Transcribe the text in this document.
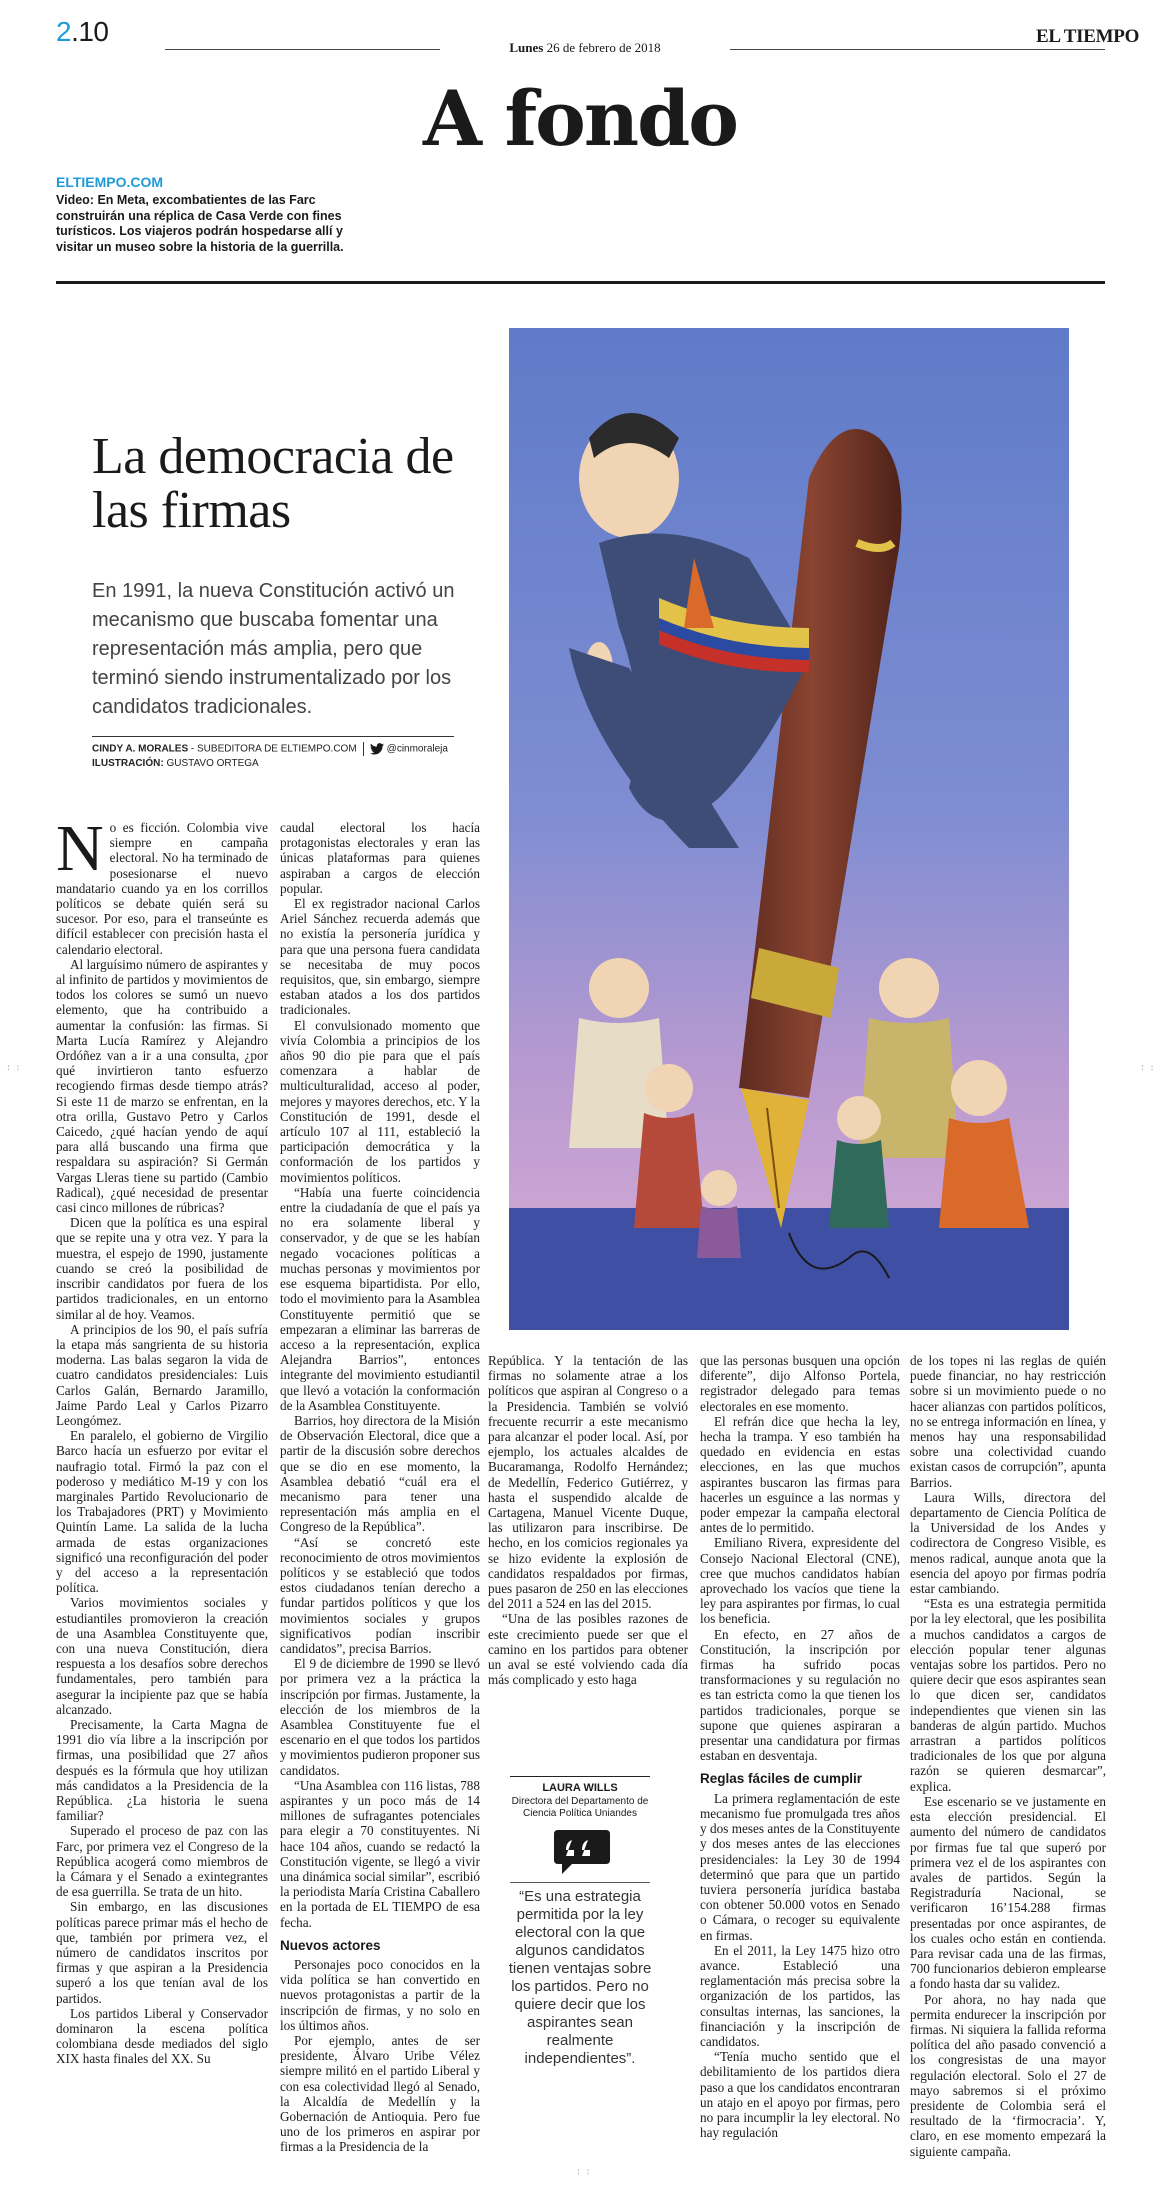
2.10
Lunes 26 de febrero de 2018
EL TIEMPO
A fondo
ELTIEMPO.COM
Video: En Meta, excombatientes de las Farc construirán una réplica de Casa Verde con fines turísticos. Los viajeros podrán hospedarse allí y visitar un museo sobre la historia de la guerrilla.
La democracia de las firmas
En 1991, la nueva Constitución activó un mecanismo que buscaba fomentar una representación más amplia, pero que terminó siendo instrumentalizado por los candidatos tradicionales.
CINDY A. MORALES - SUBEDITORA DE ELTIEMPO.COM	@cinmoraleja
ILUSTRACIÓN: GUSTAVO ORTEGA

No es ficción. Colombia vive siempre en campaña electoral. No ha terminado de posesionarse el nuevo mandatario cuando ya en los corrillos políticos se debate quién será su sucesor. Por eso, para el transeúnte es difícil establecer con precisión hasta el calendario electoral.

Al larguísimo número de aspirantes y al infinito de partidos y movimientos de todos los colores se sumó un nuevo elemento, que ha contribuido a aumentar la confusión: las firmas. Si Marta Lucía Ramírez y Alejandro Ordóñez van a ir a una consulta, ¿por qué invirtieron tanto esfuerzo recogiendo firmas desde tiempo atrás? Si este 11 de marzo se enfrentan, en la otra orilla, Gustavo Petro y Carlos Caicedo, ¿qué hacían yendo de aquí para allá buscando una firma que respaldara su aspiración? Si Germán Vargas Lleras tiene su partido (Cambio Radical), ¿qué necesidad de presentar casi cinco millones de rúbricas?

Dicen que la política es una espiral que se repite una y otra vez. Y para la muestra, el espejo de 1990, justamente cuando se creó la posibilidad de inscribir candidatos por fuera de los partidos tradicionales, en un entorno similar al de hoy. Veamos.

A principios de los 90, el país sufría la etapa más sangrienta de su historia moderna. Las balas segaron la vida de cuatro candidatos presidenciales: Luis Carlos Galán, Bernardo Jaramillo, Jaime Pardo Leal y Carlos Pizarro Leongómez.

En paralelo, el gobierno de Virgilio Barco hacía un esfuerzo por evitar el naufragio total. Firmó la paz con el poderoso y mediático M-19 y con los marginales Partido Revolucionario de los Trabajadores (PRT) y Movimiento Quintín Lame. La salida de la lucha armada de estas organizaciones significó una reconfiguración del poder y del acceso a la representación política.

Varios movimientos sociales y estudiantiles promovieron la creación de una Asamblea Constituyente que, con una nueva Constitución, diera respuesta a los desafíos sobre derechos fundamentales, pero también para asegurar la incipiente paz que se había alcanzado.

Precisamente, la Carta Magna de 1991 dio vía libre a la inscripción por firmas, una posibilidad que 27 años después es la fórmula que hoy utilizan más candidatos a la Presidencia de la República. ¿La historia le suena familiar?

Superado el proceso de paz con las Farc, por primera vez el Congreso de la República acogerá como miembros de la Cámara y el Senado a exintegrantes de esa guerrilla. Se trata de un hito.

Sin embargo, en las discusiones políticas parece primar más el hecho de que, también por primera vez, el número de candidatos inscritos por firmas y que aspiran a la Presidencia superó a los que tenían aval de los partidos.

Los partidos Liberal y Conservador dominaron la escena política colombiana desde mediados del siglo XIX hasta finales del XX. Su

caudal electoral los hacía protagonistas electorales y eran las únicas plataformas para quienes aspiraban a cargos de elección popular.

El ex registrador nacional Carlos Ariel Sánchez recuerda además que no existía la personería jurídica y para que una persona fuera candidata se necesitaba de muy pocos requisitos, que, sin embargo, siempre estaban atados a los dos partidos tradicionales.

El convulsionado momento que vivía Colombia a principios de los años 90 dio pie para que el país comenzara a hablar de multiculturalidad, acceso al poder, mejores y mayores derechos, etc. Y la Constitución de 1991, desde el artículo 107 al 111, estableció la participación democrática y la conformación de los partidos y movimientos políticos.

“Había una fuerte coincidencia entre la ciudadanía de que el país ya no era solamente liberal y conservador, y de que se les habían negado vocaciones políticas a muchas personas y movimientos por ese esquema bipartidista. Por ello, todo el movimiento para la Asamblea Constituyente permitió que se empezaran a eliminar las barreras de acceso a la representación, explica Alejandra Barrios”, entonces integrante del movimiento estudiantil que llevó a votación la conformación de la Asamblea Constituyente.

Barrios, hoy directora de la Misión de Observación Electoral, dice que a partir de la discusión sobre derechos que se dio en ese momento, la Asamblea debatió “cuál era el mecanismo para tener una representación más amplia en el Congreso de la República”.

“Así se concretó este reconocimiento de otros movimientos políticos y se estableció que todos estos ciudadanos tenían derecho a fundar partidos políticos y que los movimientos sociales y grupos significativos podían inscribir candidatos”, precisa Barrios.

El 9 de diciembre de 1990 se llevó por primera vez a la práctica la inscripción por firmas. Justamente, la elección de los miembros de la Asamblea Constituyente fue el escenario en el que todos los partidos y movimientos pudieron proponer sus candidatos.

“Una Asamblea con 116 listas, 788 aspirantes y un poco más de 14 millones de sufragantes potenciales para elegir a 70 constituyentes. Ni hace 104 años, cuando se redactó la Constitución vigente, se llegó a vivir una dinámica social similar”, escribió la periodista María Cristina Caballero en la portada de EL TIEMPO de esa fecha.

Nuevos actores

Personajes poco conocidos en la vida política se han convertido en nuevos protagonistas a partir de la inscripción de firmas, y no solo en los últimos años.

Por ejemplo, antes de ser presidente, Álvaro Uribe Vélez siempre militó en el partido Liberal y con esa colectividad llegó al Senado, la Alcaldía de Medellín y la Gobernación de Antioquia. Pero fue uno de los primeros en aspirar por firmas a la Presidencia de la

República. Y la tentación de las firmas no solamente atrae a los políticos que aspiran al Congreso o a la Presidencia. También se volvió frecuente recurrir a este mecanismo para alcanzar el poder local. Así, por ejemplo, los actuales alcaldes de Bucaramanga, Rodolfo Hernández; de Medellín, Federico Gutiérrez, y hasta el suspendido alcalde de Cartagena, Manuel Vicente Duque, las utilizaron para inscribirse. De hecho, en los comicios regionales ya se hizo evidente la explosión de candidatos respaldados por firmas, pues pasaron de 250 en las elecciones del 2011 a 524 en las del 2015.

“Una de las posibles razones de este crecimiento puede ser que el camino en los partidos para obtener un aval se esté volviendo cada día más complicado y esto haga

LAURA WILLS
Directora del Departamento de Ciencia Política Uniandes
“Es una estrategia permitida por la ley electoral con la que algunos candidatos tienen ventajas sobre los partidos. Pero no quiere decir que los aspirantes sean realmente independientes”.

que las personas busquen una opción diferente”, dijo Alfonso Portela, registrador delegado para temas electorales en ese momento.

El refrán dice que hecha la ley, hecha la trampa. Y eso también ha quedado en evidencia en estas elecciones, en las que muchos aspirantes buscaron las firmas para hacerles un esguince a las normas y poder empezar la campaña electoral antes de lo permitido.

Emiliano Rivera, expresidente del Consejo Nacional Electoral (CNE), cree que muchos candidatos habían aprovechado los vacíos que tiene la ley para aspirantes por firmas, lo cual los beneficia.

En efecto, en 27 años de Constitución, la inscripción por firmas ha sufrido pocas transformaciones y su regulación no es tan estricta como la que tienen los partidos tradicionales, porque se supone que quienes aspiraran a presentar una candidatura por firmas estaban en desventaja.

Reglas fáciles de cumplir

La primera reglamentación de este mecanismo fue promulgada tres años y dos meses antes de la Constituyente y dos meses antes de las elecciones presidenciales: la Ley 30 de 1994 determinó que para que un partido tuviera personería jurídica bastaba con obtener 50.000 votos en Senado o Cámara, o recoger su equivalente en firmas.

En el 2011, la Ley 1475 hizo otro avance. Estableció una reglamentación más precisa sobre la organización de los partidos, las consultas internas, las sanciones, la financiación y la inscripción de candidatos.

“Tenía mucho sentido que el debilitamiento de los partidos diera paso a que los candidatos encontraran un atajo en el apoyo por firmas, pero no para incumplir la ley electoral. No hay regulación

de los topes ni las reglas de quién puede financiar, no hay restricción sobre si un movimiento puede o no hacer alianzas con partidos políticos, no se entrega información en línea, y menos hay una responsabilidad sobre una colectividad cuando existan casos de corrupción”, apunta Barrios.

Laura Wills, directora del departamento de Ciencia Política de la Universidad de los Andes y codirectora de Congreso Visible, es menos radical, aunque anota que la esencia del apoyo por firmas podría estar cambiando.

“Esta es una estrategia permitida por la ley electoral, que les posibilita a muchos candidatos a cargos de elección popular tener algunas ventajas sobre los partidos. Pero no quiere decir que esos aspirantes sean lo que dicen ser, candidatos independientes que vienen sin las banderas de algún partido. Muchos arrastran a partidos políticos tradicionales de los que por alguna razón se quieren desmarcar”, explica.

Ese escenario se ve justamente en esta elección presidencial. El aumento del número de candidatos por firmas fue tal que superó por primera vez el de los aspirantes con avales de partidos. Según la Registraduría Nacional, se verificaron 16’154.288 firmas presentadas por once aspirantes, de los cuales ocho están en contienda. Para revisar cada una de las firmas, 700 funcionarios debieron emplearse a fondo hasta dar su validez.

Por ahora, no hay nada que permita endurecer la inscripción por firmas. Ni siquiera la fallida reforma política del año pasado convenció a los congresistas de una mayor regulación electoral. Solo el 27 de mayo sabremos si el próximo presidente de Colombia será el resultado de la ‘firmocracia’. Y, claro, en ese momento empezará la siguiente campaña.

: :	: :
: :
